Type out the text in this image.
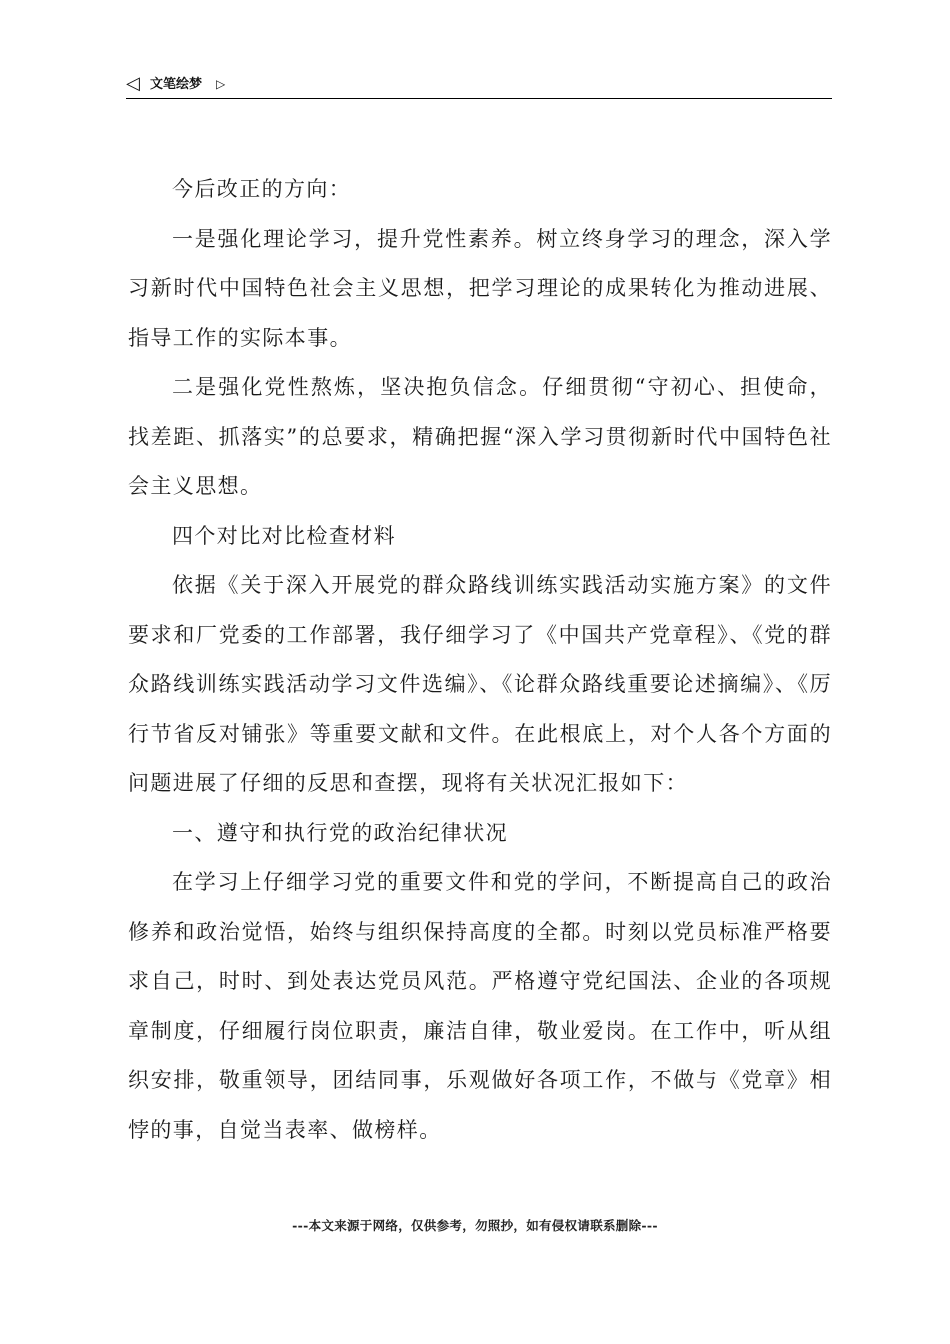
◁ 文笔绘梦 ▷

今后改正的方向：

一是强化理论学习，提升党性素养。树立终身学习的理念，深入学习新时代中国特色社会主义思想，把学习理论的成果转化为推动进展、指导工作的实际本事。

二是强化党性熬炼，坚决抱负信念。仔细贯彻“守初心、担使命，找差距、抓落实”的总要求，精确把握“深入学习贯彻新时代中国特色社会主义思想。

四个对比对比检查材料

依据《关于深入开展党的群众路线训练实践活动实施方案》的文件要求和厂党委的工作部署，我仔细学习了《中国共产党章程》、《党的群众路线训练实践活动学习文件选编》、《论群众路线重要论述摘编》、《厉行节省反对铺张》等重要文献和文件。在此根底上，对个人各个方面的问题进展了仔细的反思和查摆，现将有关状况汇报如下：

一、遵守和执行党的政治纪律状况

在学习上仔细学习党的重要文件和党的学问，不断提高自己的政治修养和政治觉悟，始终与组织保持高度的全都。时刻以党员标准严格要求自己，时时、到处表达党员风范。严格遵守党纪国法、企业的各项规章制度，仔细履行岗位职责，廉洁自律，敬业爱岗。在工作中，听从组织安排，敬重领导，团结同事，乐观做好各项工作，不做与《党章》相悖的事，自觉当表率、做榜样。

---本文来源于网络，仅供参考，勿照抄，如有侵权请联系删除---
